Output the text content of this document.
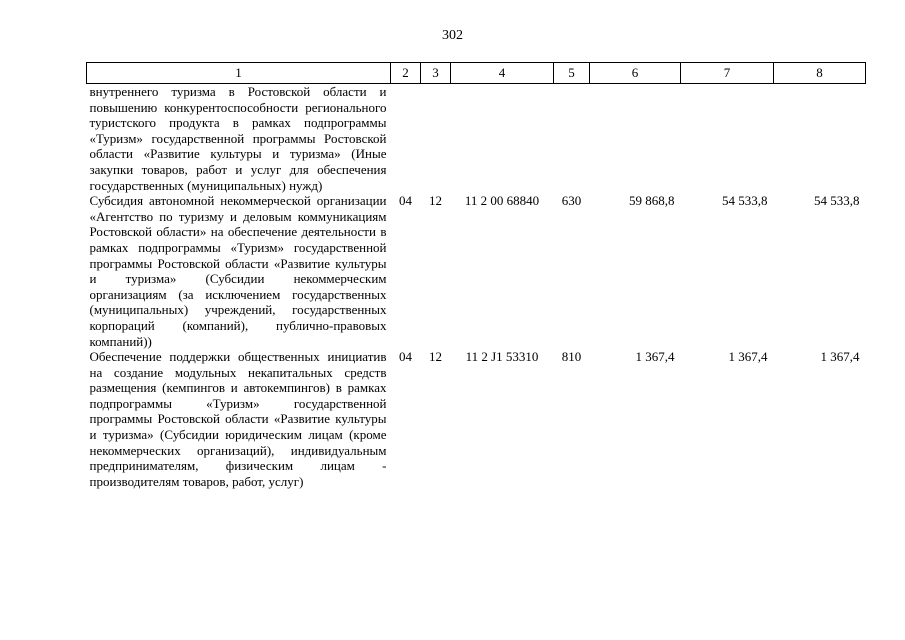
302
1	2	3	4	5	6	7	8
внутреннего туризма в Ростовской области и повышению конкурентоспособности регионального туристского продукта в рамках подпрограммы «Туризм» государственной программы Ростовской области «Развитие культуры и туризма» (Иные закупки товаров, работ и услуг для обеспечения государственных (муниципальных) нужд)							
Субсидия автономной некоммерческой организации «Агентство по туризму и деловым коммуникациям Ростовской области» на обеспечение деятельности в рамках подпрограммы «Туризм» государственной программы Ростовской области «Развитие культуры и туризма» (Субсидии некоммерческим организациям (за исключением государственных (муниципальных) учреждений, государственных корпораций (компаний), публично-правовых компаний))	04	12	11 2 00 68840	630	59 868,8	54 533,8	54 533,8
Обеспечение поддержки общественных инициатив на создание модульных некапитальных средств размещения (кемпингов и автокемпингов) в рамках подпрограммы «Туризм» государственной программы Ростовской области «Развитие культуры и туризма» (Субсидии юридическим лицам (кроме некоммерческих организаций), индивидуальным предпринимателям, физическим лицам - производителям товаров, работ, услуг)	04	12	11 2 J1 53310	810	1 367,4	1 367,4	1 367,4
